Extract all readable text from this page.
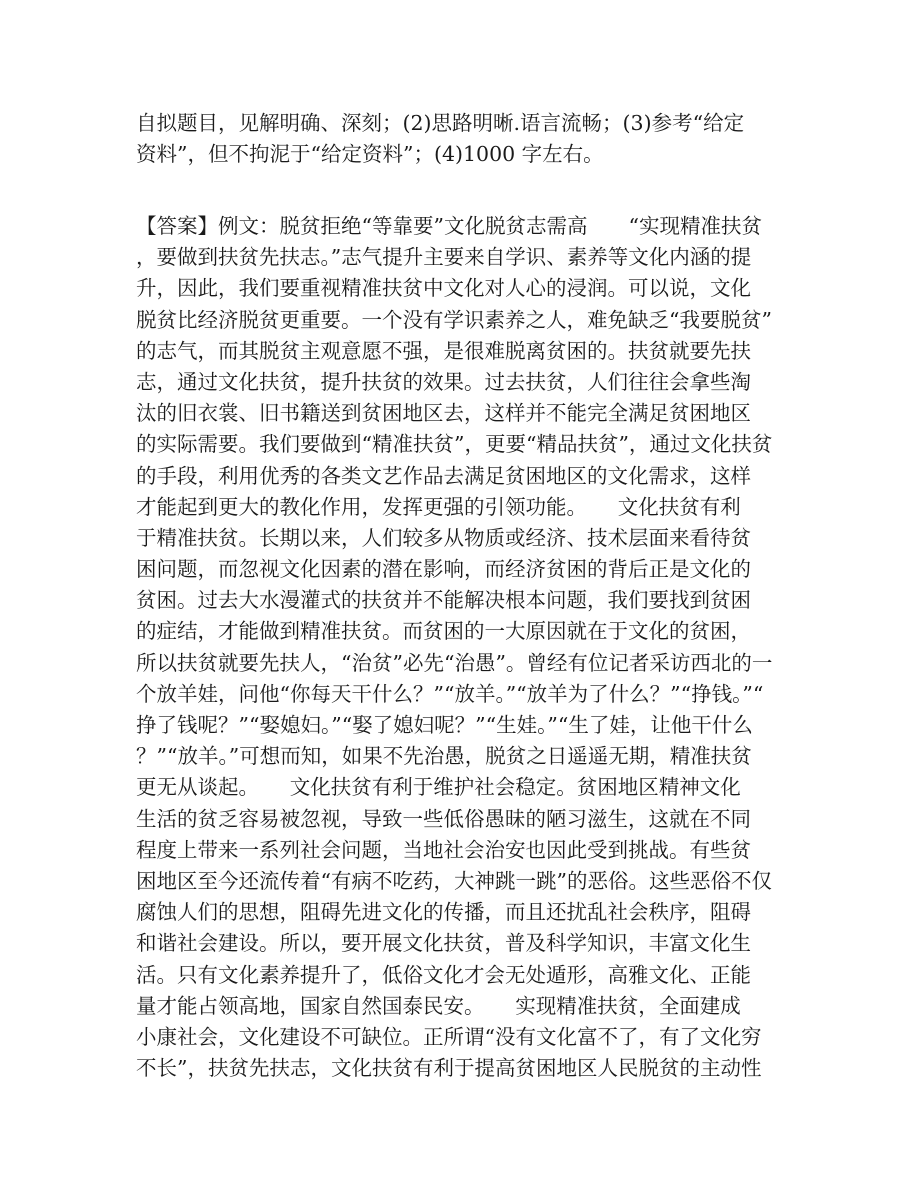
自拟题目，见解明确、深刻；(2)思路明晰.语言流畅；(3)参考“给定
资料”，但不拘泥于“给定资料”；(4)1000 字左右。
【答案】例文：脱贫拒绝“等靠要”文化脱贫志需高　　“实现精准扶贫
，要做到扶贫先扶志。”志气提升主要来自学识、素养等文化内涵的提
升，因此，我们要重视精准扶贫中文化对人心的浸润。可以说，文化
脱贫比经济脱贫更重要。一个没有学识素养之人，难免缺乏“我要脱贫”
的志气，而其脱贫主观意愿不强，是很难脱离贫困的。扶贫就要先扶
志，通过文化扶贫，提升扶贫的效果。过去扶贫，人们往往会拿些淘
汰的旧衣裳、旧书籍送到贫困地区去，这样并不能完全满足贫困地区
的实际需要。我们要做到“精准扶贫”，更要“精品扶贫”，通过文化扶贫
的手段，利用优秀的各类文艺作品去满足贫困地区的文化需求，这样
才能起到更大的教化作用，发挥更强的引领功能。　　文化扶贫有利
于精准扶贫。长期以来，人们较多从物质或经济、技术层面来看待贫
困问题，而忽视文化因素的潜在影响，而经济贫困的背后正是文化的
贫困。过去大水漫灌式的扶贫并不能解决根本问题，我们要找到贫困
的症结，才能做到精准扶贫。而贫困的一大原因就在于文化的贫困，
所以扶贫就要先扶人，“治贫”必先“治愚”。曾经有位记者采访西北的一
个放羊娃，问他“你每天干什么？”“放羊。”“放羊为了什么？”“挣钱。”“
挣了钱呢？”“娶媳妇。”“娶了媳妇呢？”“生娃。”“生了娃，让他干什么
？”“放羊。”可想而知，如果不先治愚，脱贫之日遥遥无期，精准扶贫
更无从谈起。　　文化扶贫有利于维护社会稳定。贫困地区精神文化
生活的贫乏容易被忽视，导致一些低俗愚昧的陋习滋生，这就在不同
程度上带来一系列社会问题，当地社会治安也因此受到挑战。有些贫
困地区至今还流传着“有病不吃药，大神跳一跳”的恶俗。这些恶俗不仅
腐蚀人们的思想，阻碍先进文化的传播，而且还扰乱社会秩序，阻碍
和谐社会建设。所以，要开展文化扶贫，普及科学知识，丰富文化生
活。只有文化素养提升了，低俗文化才会无处遁形，高雅文化、正能
量才能占领高地，国家自然国泰民安。　　实现精准扶贫，全面建成
小康社会，文化建设不可缺位。正所谓“没有文化富不了，有了文化穷
不长”，扶贫先扶志，文化扶贫有利于提高贫困地区人民脱贫的主动性
